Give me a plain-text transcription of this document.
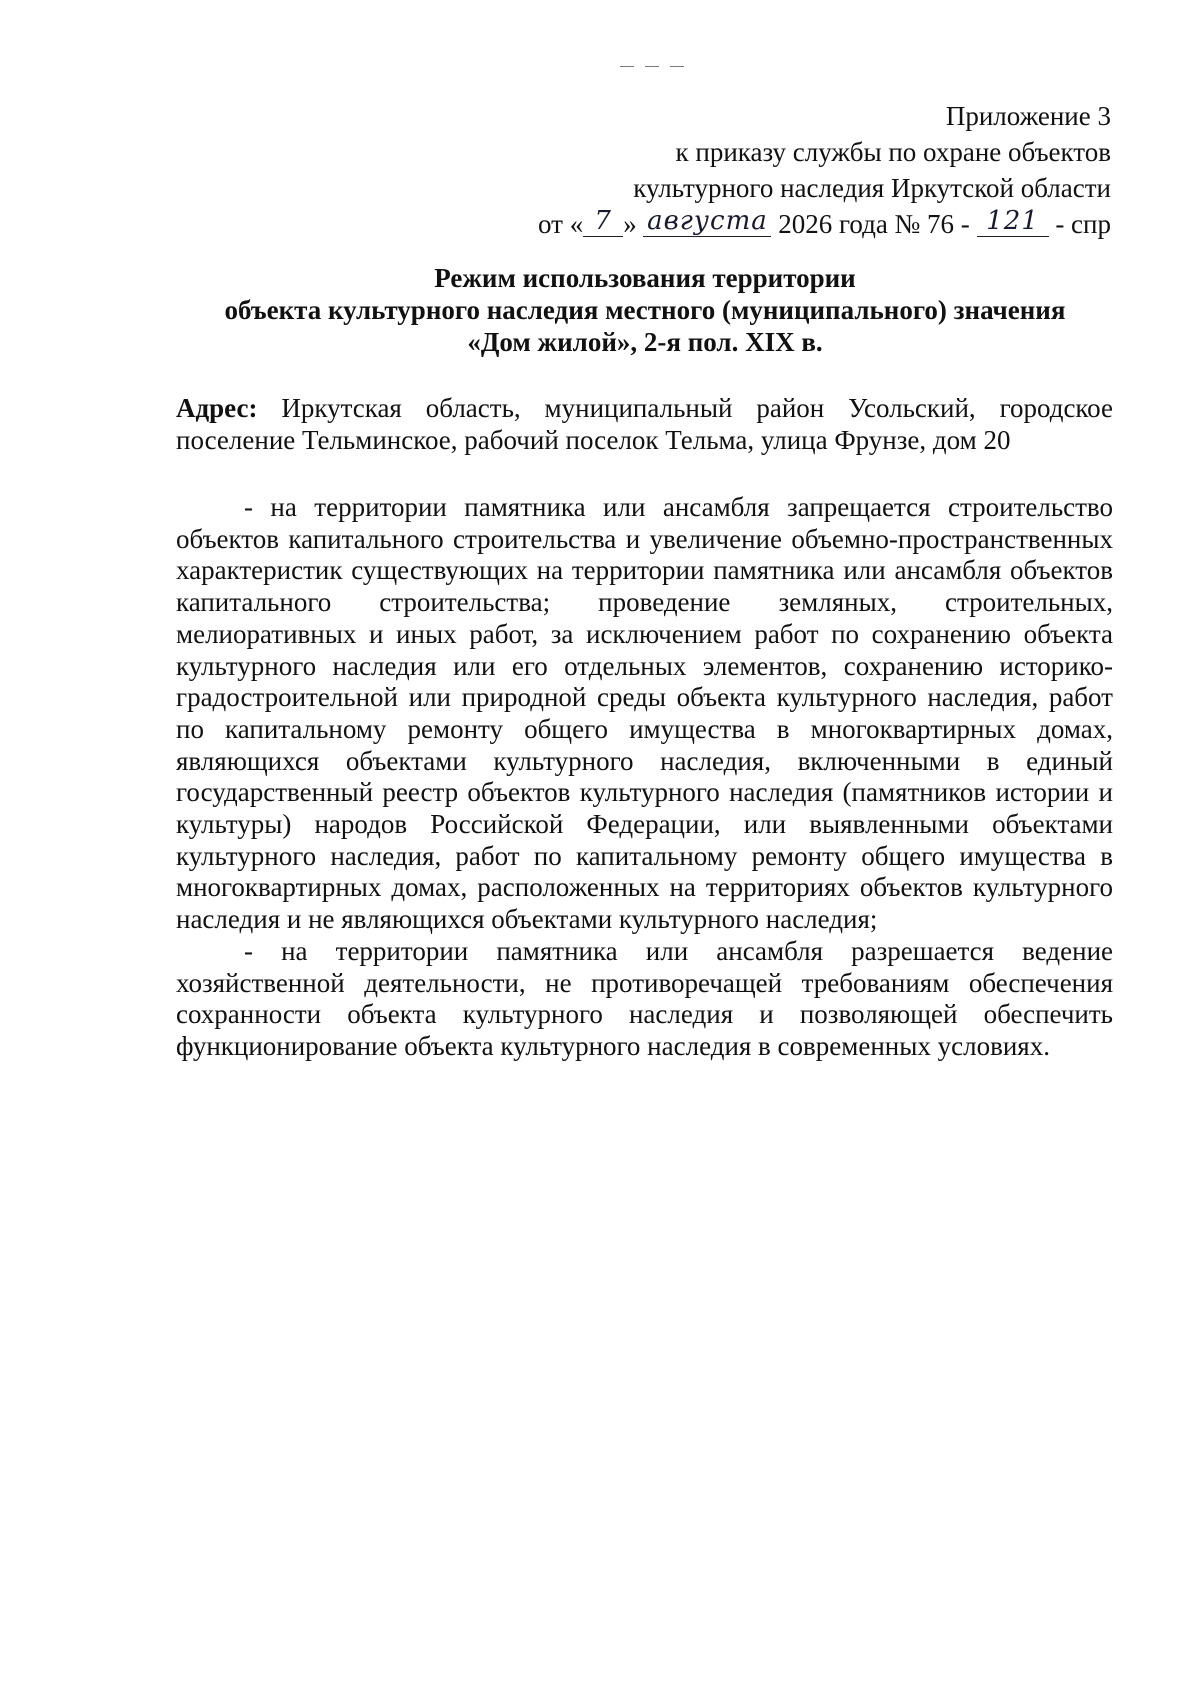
Приложение 3
к приказу службы по охране объектов
культурного наследия Иркутской области
от « 7 » августа 2026 года № 76 - 121 - спр
Режим использования территории
объекта культурного наследия местного (муниципального) значения
«Дом жилой», 2-я пол. XIX в.
Адрес: Иркутская область, муниципальный район Усольский, городское поселение Тельминское, рабочий поселок Тельма, улица Фрунзе, дом 20

- на территории памятника или ансамбля запрещается строительство объектов капитального строительства и увеличение объемно-пространственных характеристик существующих на территории памятника или ансамбля объектов капитального строительства; проведение земляных, строительных, мелиоративных и иных работ, за исключением работ по сохранению объекта культурного наследия или его отдельных элементов, сохранению историко-градостроительной или природной среды объекта культурного наследия, работ по капитальному ремонту общего имущества в многоквартирных домах, являющихся объектами культурного наследия, включенными в единый государственный реестр объектов культурного наследия (памятников истории и культуры) народов Российской Федерации, или выявленными объектами культурного наследия, работ по капитальному ремонту общего имущества в многоквартирных домах, расположенных на территориях объектов культурного наследия и не являющихся объектами культурного наследия;

- на территории памятника или ансамбля разрешается ведение хозяйственной деятельности, не противоречащей требованиям обеспечения сохранности объекта культурного наследия и позволяющей обеспечить функционирование объекта культурного наследия в современных условиях.
